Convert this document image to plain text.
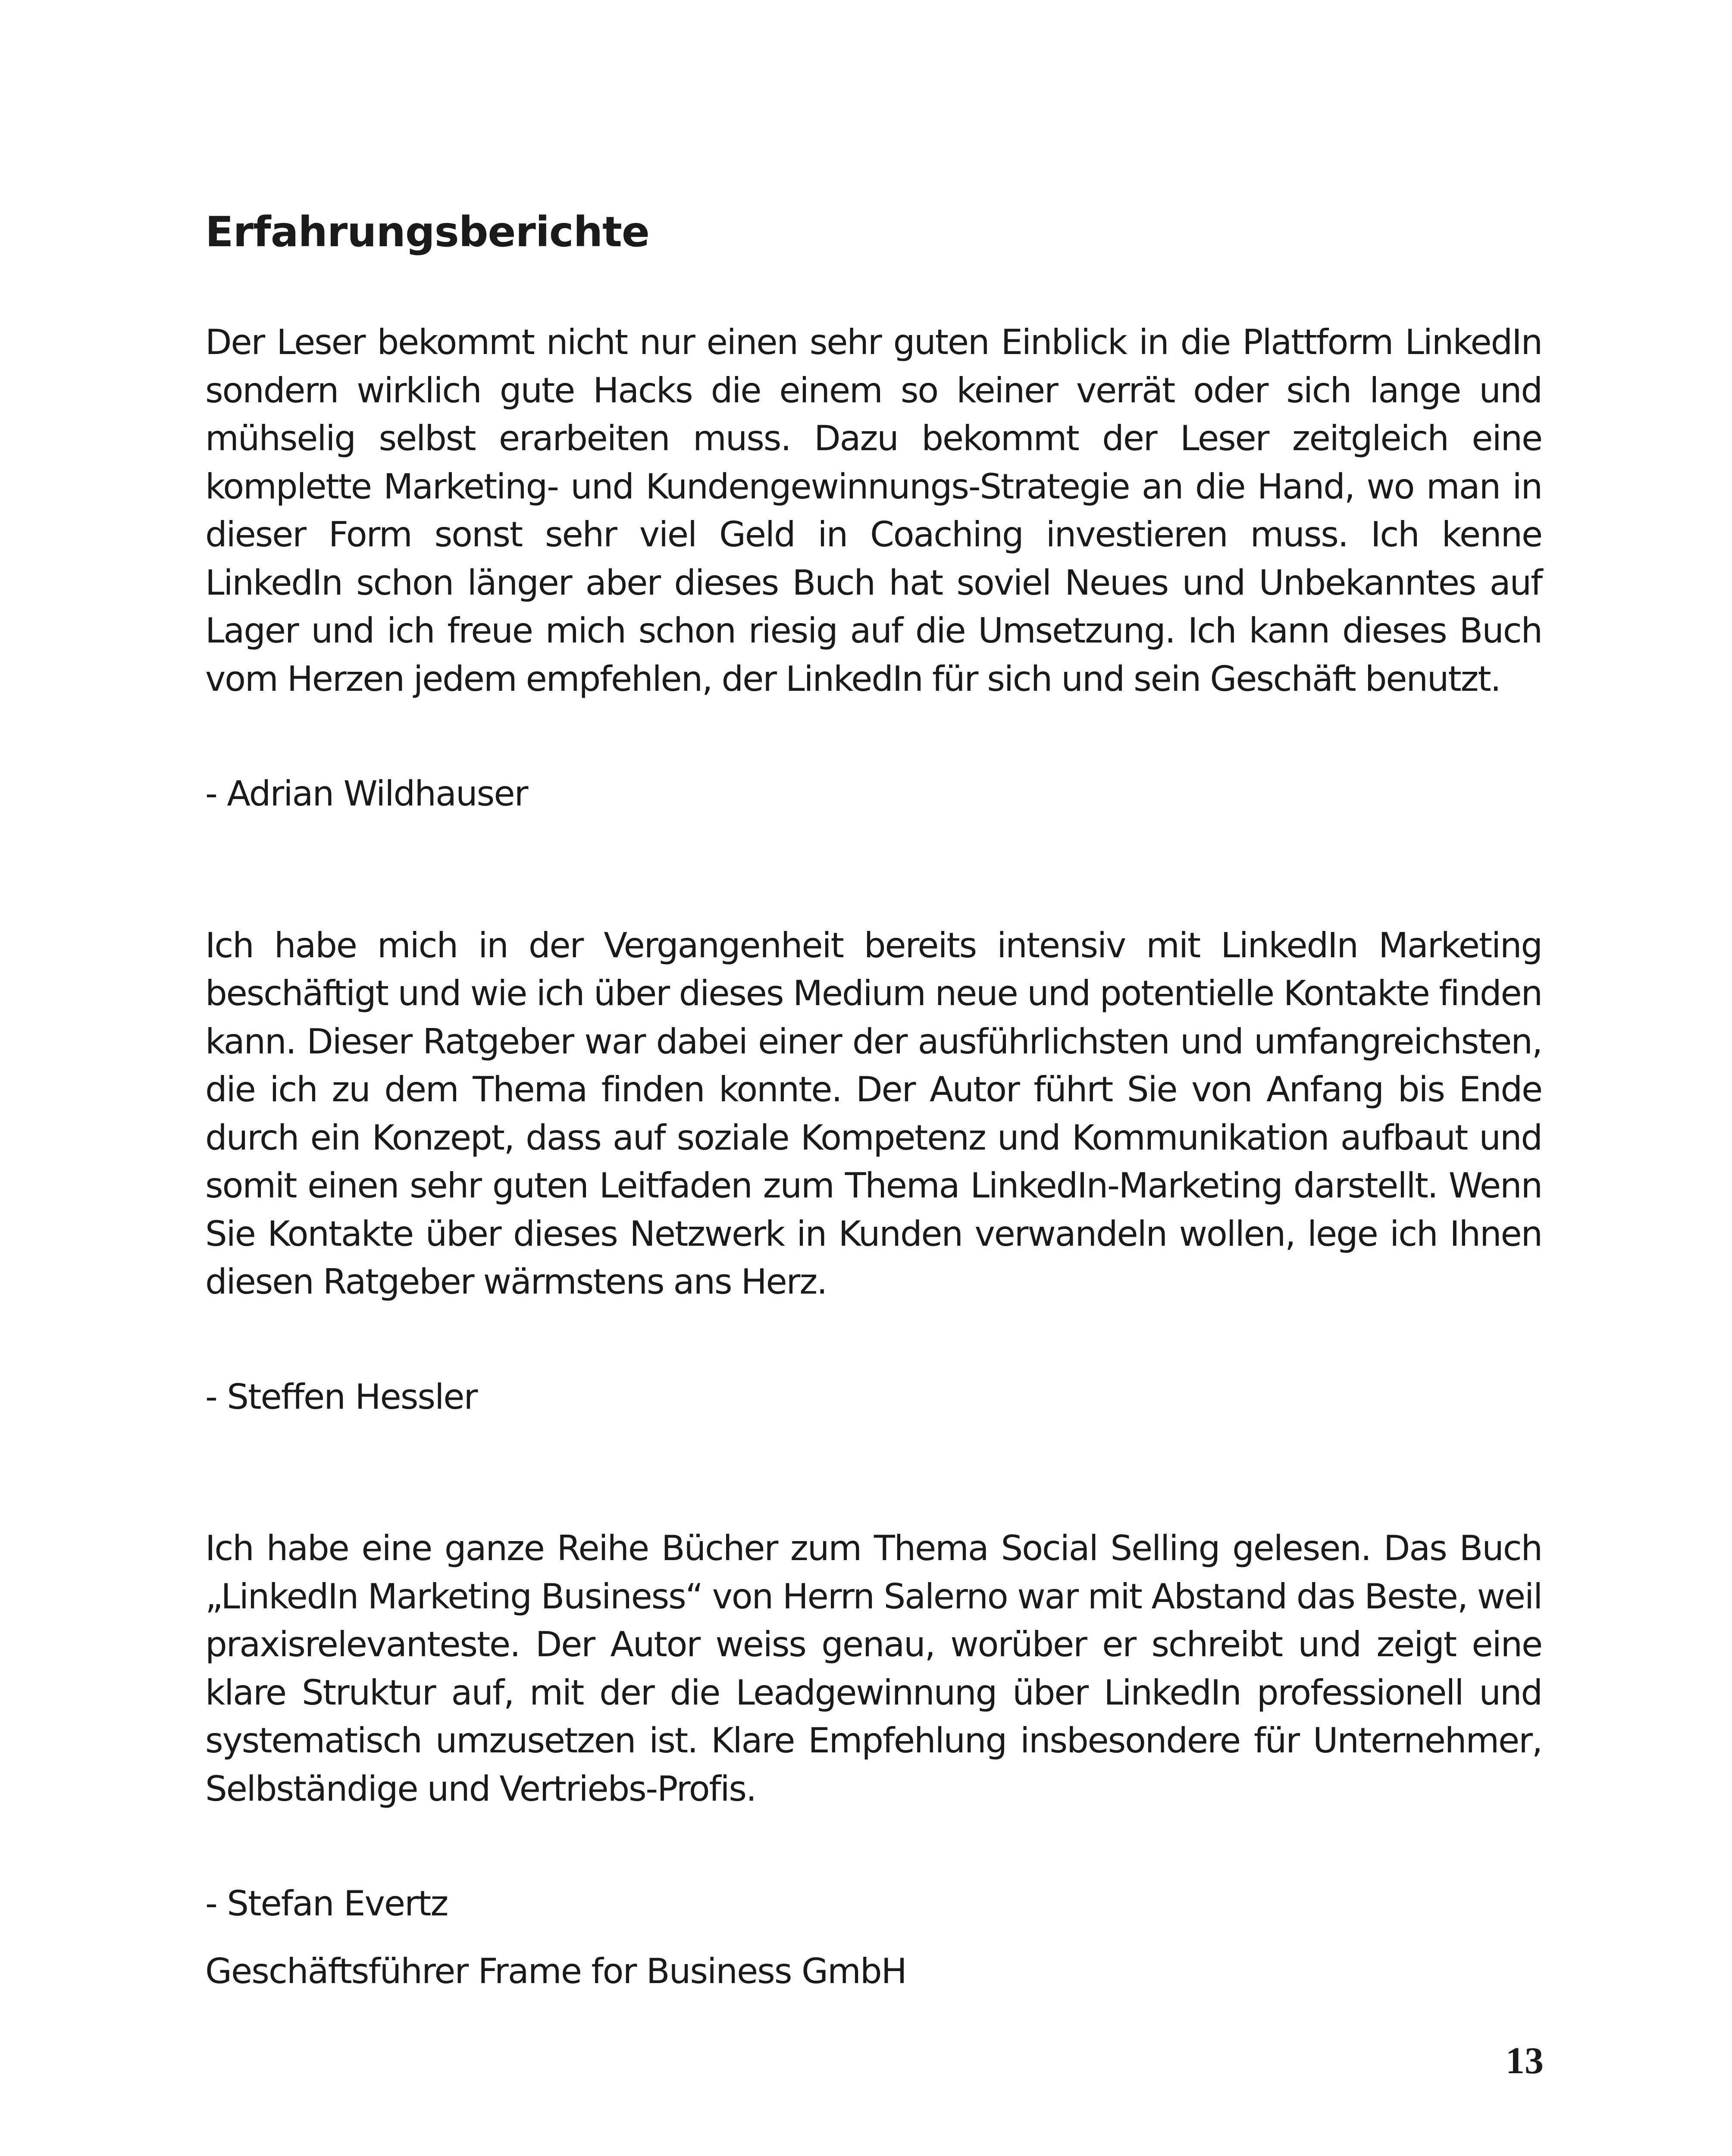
Erfahrungsberichte

Der Leser bekommt nicht nur einen sehr guten Einblick in die Plattform LinkedIn sondern wirklich gute Hacks die einem so keiner verrät oder sich lange und mühselig selbst erarbeiten muss. Dazu bekommt der Leser zeitgleich eine komplette Marketing- und Kundengewinnungs-Strategie an die Hand, wo man in dieser Form sonst sehr viel Geld in Coaching investieren muss. Ich kenne LinkedIn schon länger aber dieses Buch hat soviel Neues und Unbekanntes auf Lager und ich freue mich schon riesig auf die Umsetzung. Ich kann dieses Buch vom Herzen jedem empfehlen, der LinkedIn für sich und sein Geschäft benutzt.

- Adrian Wildhauser

Ich habe mich in der Vergangenheit bereits intensiv mit LinkedIn Marketing beschäftigt und wie ich über dieses Medium neue und potentielle Kontakte finden kann. Dieser Ratgeber war dabei einer der ausführlichsten und umfangreichsten, die ich zu dem Thema finden konnte. Der Autor führt Sie von Anfang bis Ende durch ein Konzept, dass auf soziale Kompetenz und Kommunikation aufbaut und somit einen sehr guten Leitfaden zum Thema LinkedIn-Marketing darstellt. Wenn Sie Kontakte über dieses Netzwerk in Kunden verwandeln wollen, lege ich Ihnen diesen Ratgeber wärmstens ans Herz.

- Steffen Hessler

Ich habe eine ganze Reihe Bücher zum Thema Social Selling gelesen. Das Buch „LinkedIn Marketing Business“ von Herrn Salerno war mit Abstand das Beste, weil praxisrelevanteste. Der Autor weiss genau, worüber er schreibt und zeigt eine klare Struktur auf, mit der die Leadgewinnung über LinkedIn professionell und systematisch umzusetzen ist. Klare Empfehlung insbesondere für Unternehmer, Selbständige und Vertriebs-Profis.

- Stefan Evertz

Geschäftsführer Frame for Business GmbH

13
